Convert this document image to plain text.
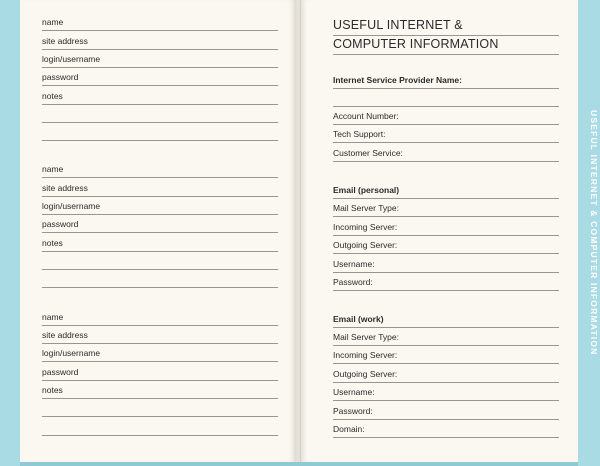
name
site address
login/username
password
notes
name
site address
login/username
password
notes
name
site address
login/username
password
notes
USEFUL INTERNET &
COMPUTER INFORMATION
Internet Service Provider Name:
Account Number:
Tech Support:
Customer Service:
Email (personal)
Mail Server Type:
Incoming Server:
Outgoing Server:
Username:
Password:
Email (work)
Mail Server Type:
Incoming Server:
Outgoing Server:
Username:
Password:
Domain:
USEFUL INTERNET & COMPUTER INFORMATION
